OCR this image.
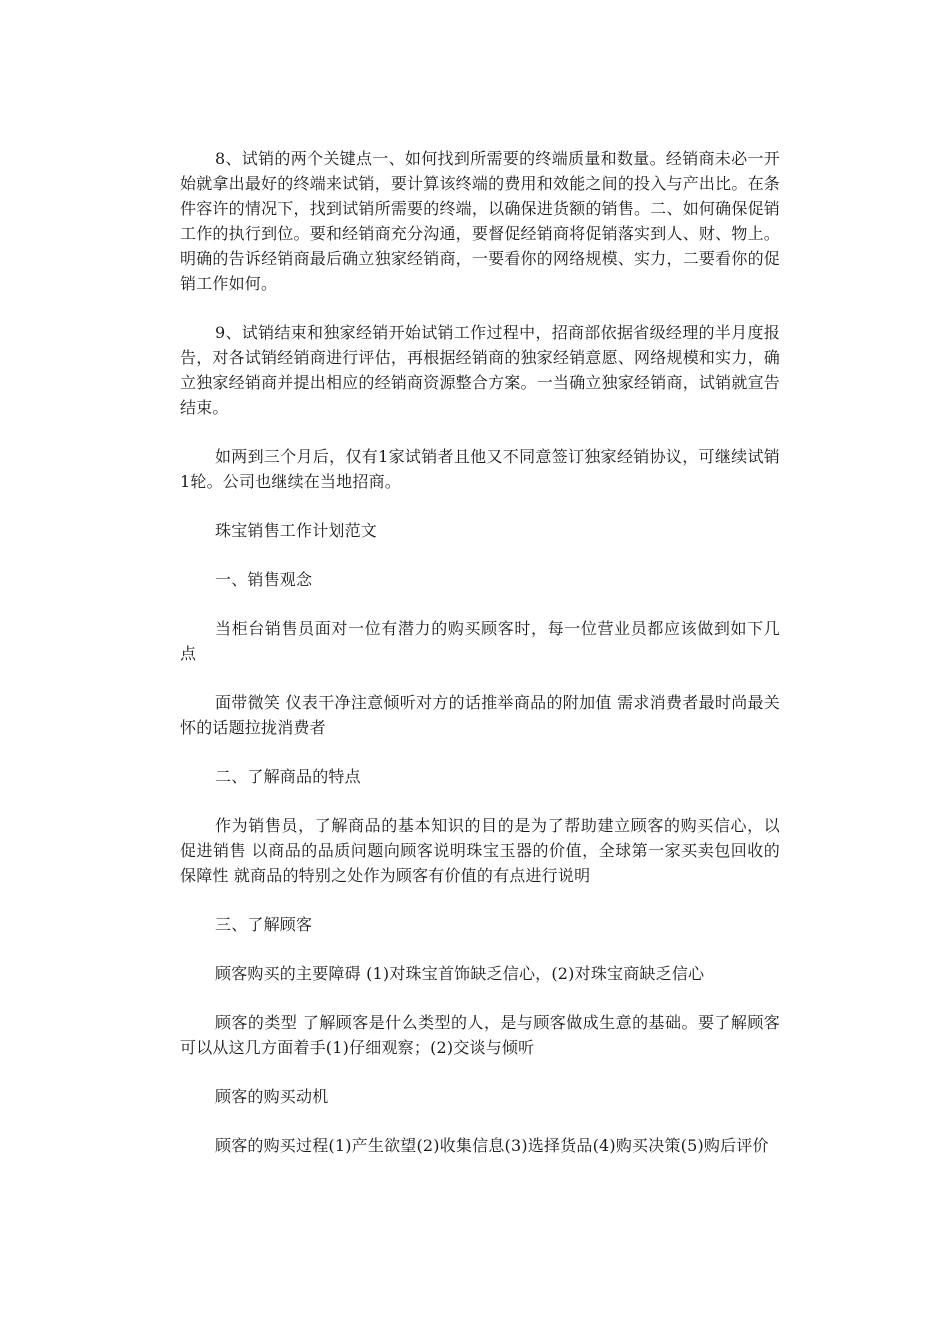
8、试销的两个关键点一、如何找到所需要的终端质量和数量。经销商未必一开始就拿出最好的终端来试销，要计算该终端的费用和效能之间的投入与产出比。在条件容许的情况下，找到试销所需要的终端，以确保进货额的销售。二、如何确保促销工作的执行到位。要和经销商充分沟通，要督促经销商将促销落实到人、财、物上。明确的告诉经销商最后确立独家经销商，一要看你的网络规模、实力，二要看你的促销工作如何。

9、试销结束和独家经销开始试销工作过程中，招商部依据省级经理的半月度报告，对各试销经销商进行评估，再根据经销商的独家经销意愿、网络规模和实力，确立独家经销商并提出相应的经销商资源整合方案。一当确立独家经销商，试销就宣告结束。

如两到三个月后，仅有1家试销者且他又不同意签订独家经销协议，可继续试销1轮。公司也继续在当地招商。

珠宝销售工作计划范文

一、销售观念

当柜台销售员面对一位有潜力的购买顾客时，每一位营业员都应该做到如下几点

面带微笑 仪表干净注意倾听对方的话推举商品的附加值 需求消费者最时尚最关怀的话题拉拢消费者

二、了解商品的特点

作为销售员，了解商品的基本知识的目的是为了帮助建立顾客的购买信心，以促进销售 以商品的品质问题向顾客说明珠宝玉器的价值，全球第一家买卖包回收的保障性 就商品的特别之处作为顾客有价值的有点进行说明

三、了解顾客

顾客购买的主要障碍 (1)对珠宝首饰缺乏信心，(2)对珠宝商缺乏信心

顾客的类型 了解顾客是什么类型的人，是与顾客做成生意的基础。要了解顾客可以从这几方面着手(1)仔细观察；(2)交谈与倾听

顾客的购买动机

顾客的购买过程(1)产生欲望(2)收集信息(3)选择货品(4)购买决策(5)购后评价
